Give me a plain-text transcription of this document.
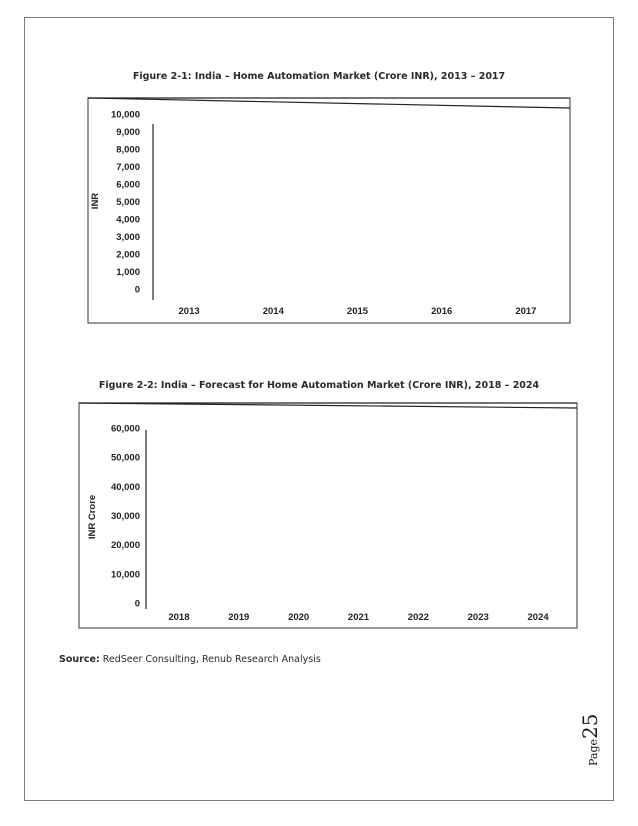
Figure 2-1: India – Home Automation Market (Crore INR), 2013 – 2017
0
1,000
2,000
3,000
4,000
5,000
6,000
7,000
8,000
9,000
10,000
2013	2014	2015	2016	2017
INR
Figure 2-2: India – Forecast for Home Automation Market (Crore INR), 2018 – 2024
0
10,000
20,000
30,000
40,000
50,000
60,000
2018	2019	2020	2021	2022	2023	2024
INR Crore
Source: RedSeer Consulting, Renub Research Analysis
Page25
